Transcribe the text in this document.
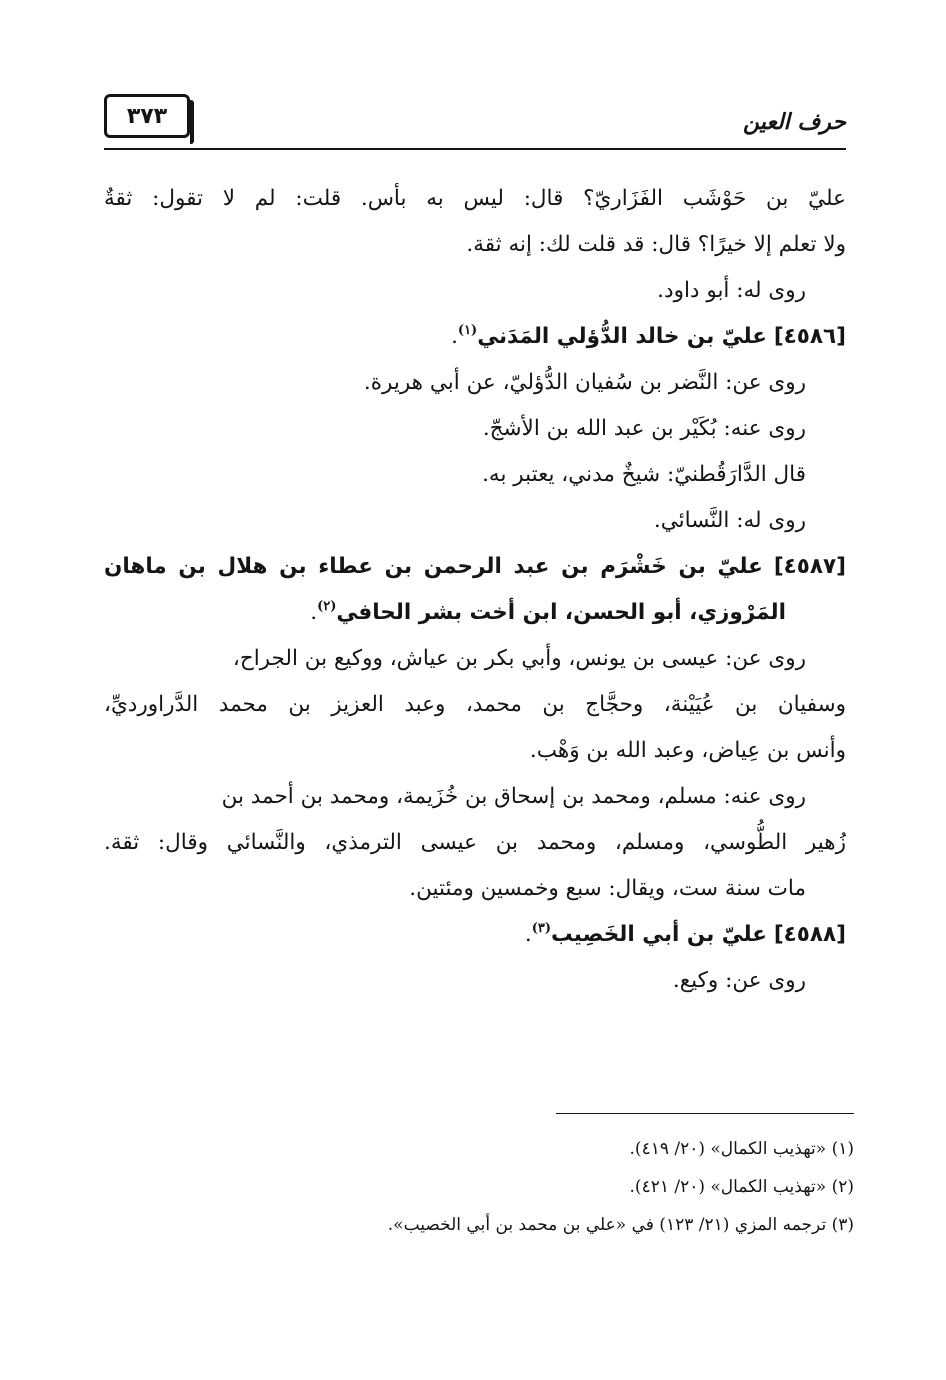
حرف العين
٣٧٣
عليّ بن حَوْشَب الفَزَاريّ؟ قال: ليس به بأس. قلت: لم لا تقول: ثقةٌ
ولا تعلم إلا خيرًا؟ قال: قد قلت لك: إنه ثقة.
روى له: أبو داود.
[٤٥٨٦] عليّ بن خالد الدُّؤلي المَدَني$^{(١)}$.
روى عن: النَّضر بن سُفيان الدُّؤليّ، عن أبي هريرة.
روى عنه: بُكَيْر بن عبد الله بن الأشجّ.
قال الدَّارَقُطنيّ: شيخٌ مدني، يعتبر به.
روى له: النَّسائي.
[٤٥٨٧] عليّ بن خَشْرَم بن عبد الرحمن بن عطاء بن هلال بن ماهان
المَرْوزي، أبو الحسن، ابن أخت بشر الحافي$^{(٢)}$.
روى عن: عيسى بن يونس، وأبي بكر بن عياش، ووكيع بن الجراح،
وسفيان بن عُيَيْنة، وحجَّاج بن محمد، وعبد العزيز بن محمد الدَّراورديِّ،
وأنس بن عِياض، وعبد الله بن وَهْب.
روى عنه: مسلم، ومحمد بن إسحاق بن خُزَيمة، ومحمد بن أحمد بن
زُهير الطُّوسي، ومسلم، ومحمد بن عيسى الترمذي، والنَّسائي وقال: ثقة.
مات سنة ست، ويقال: سبع وخمسين ومئتين.
[٤٥٨٨] عليّ بن أبي الخَصِيب$^{(٣)}$.
روى عن: وكيع.
(١) «تهذيب الكمال» (٢٠/ ٤١٩).
(٢) «تهذيب الكمال» (٢٠/ ٤٢١).
(٣) ترجمه المزي (٢١/ ١٢٣) في «علي بن محمد بن أبي الخصيب».
